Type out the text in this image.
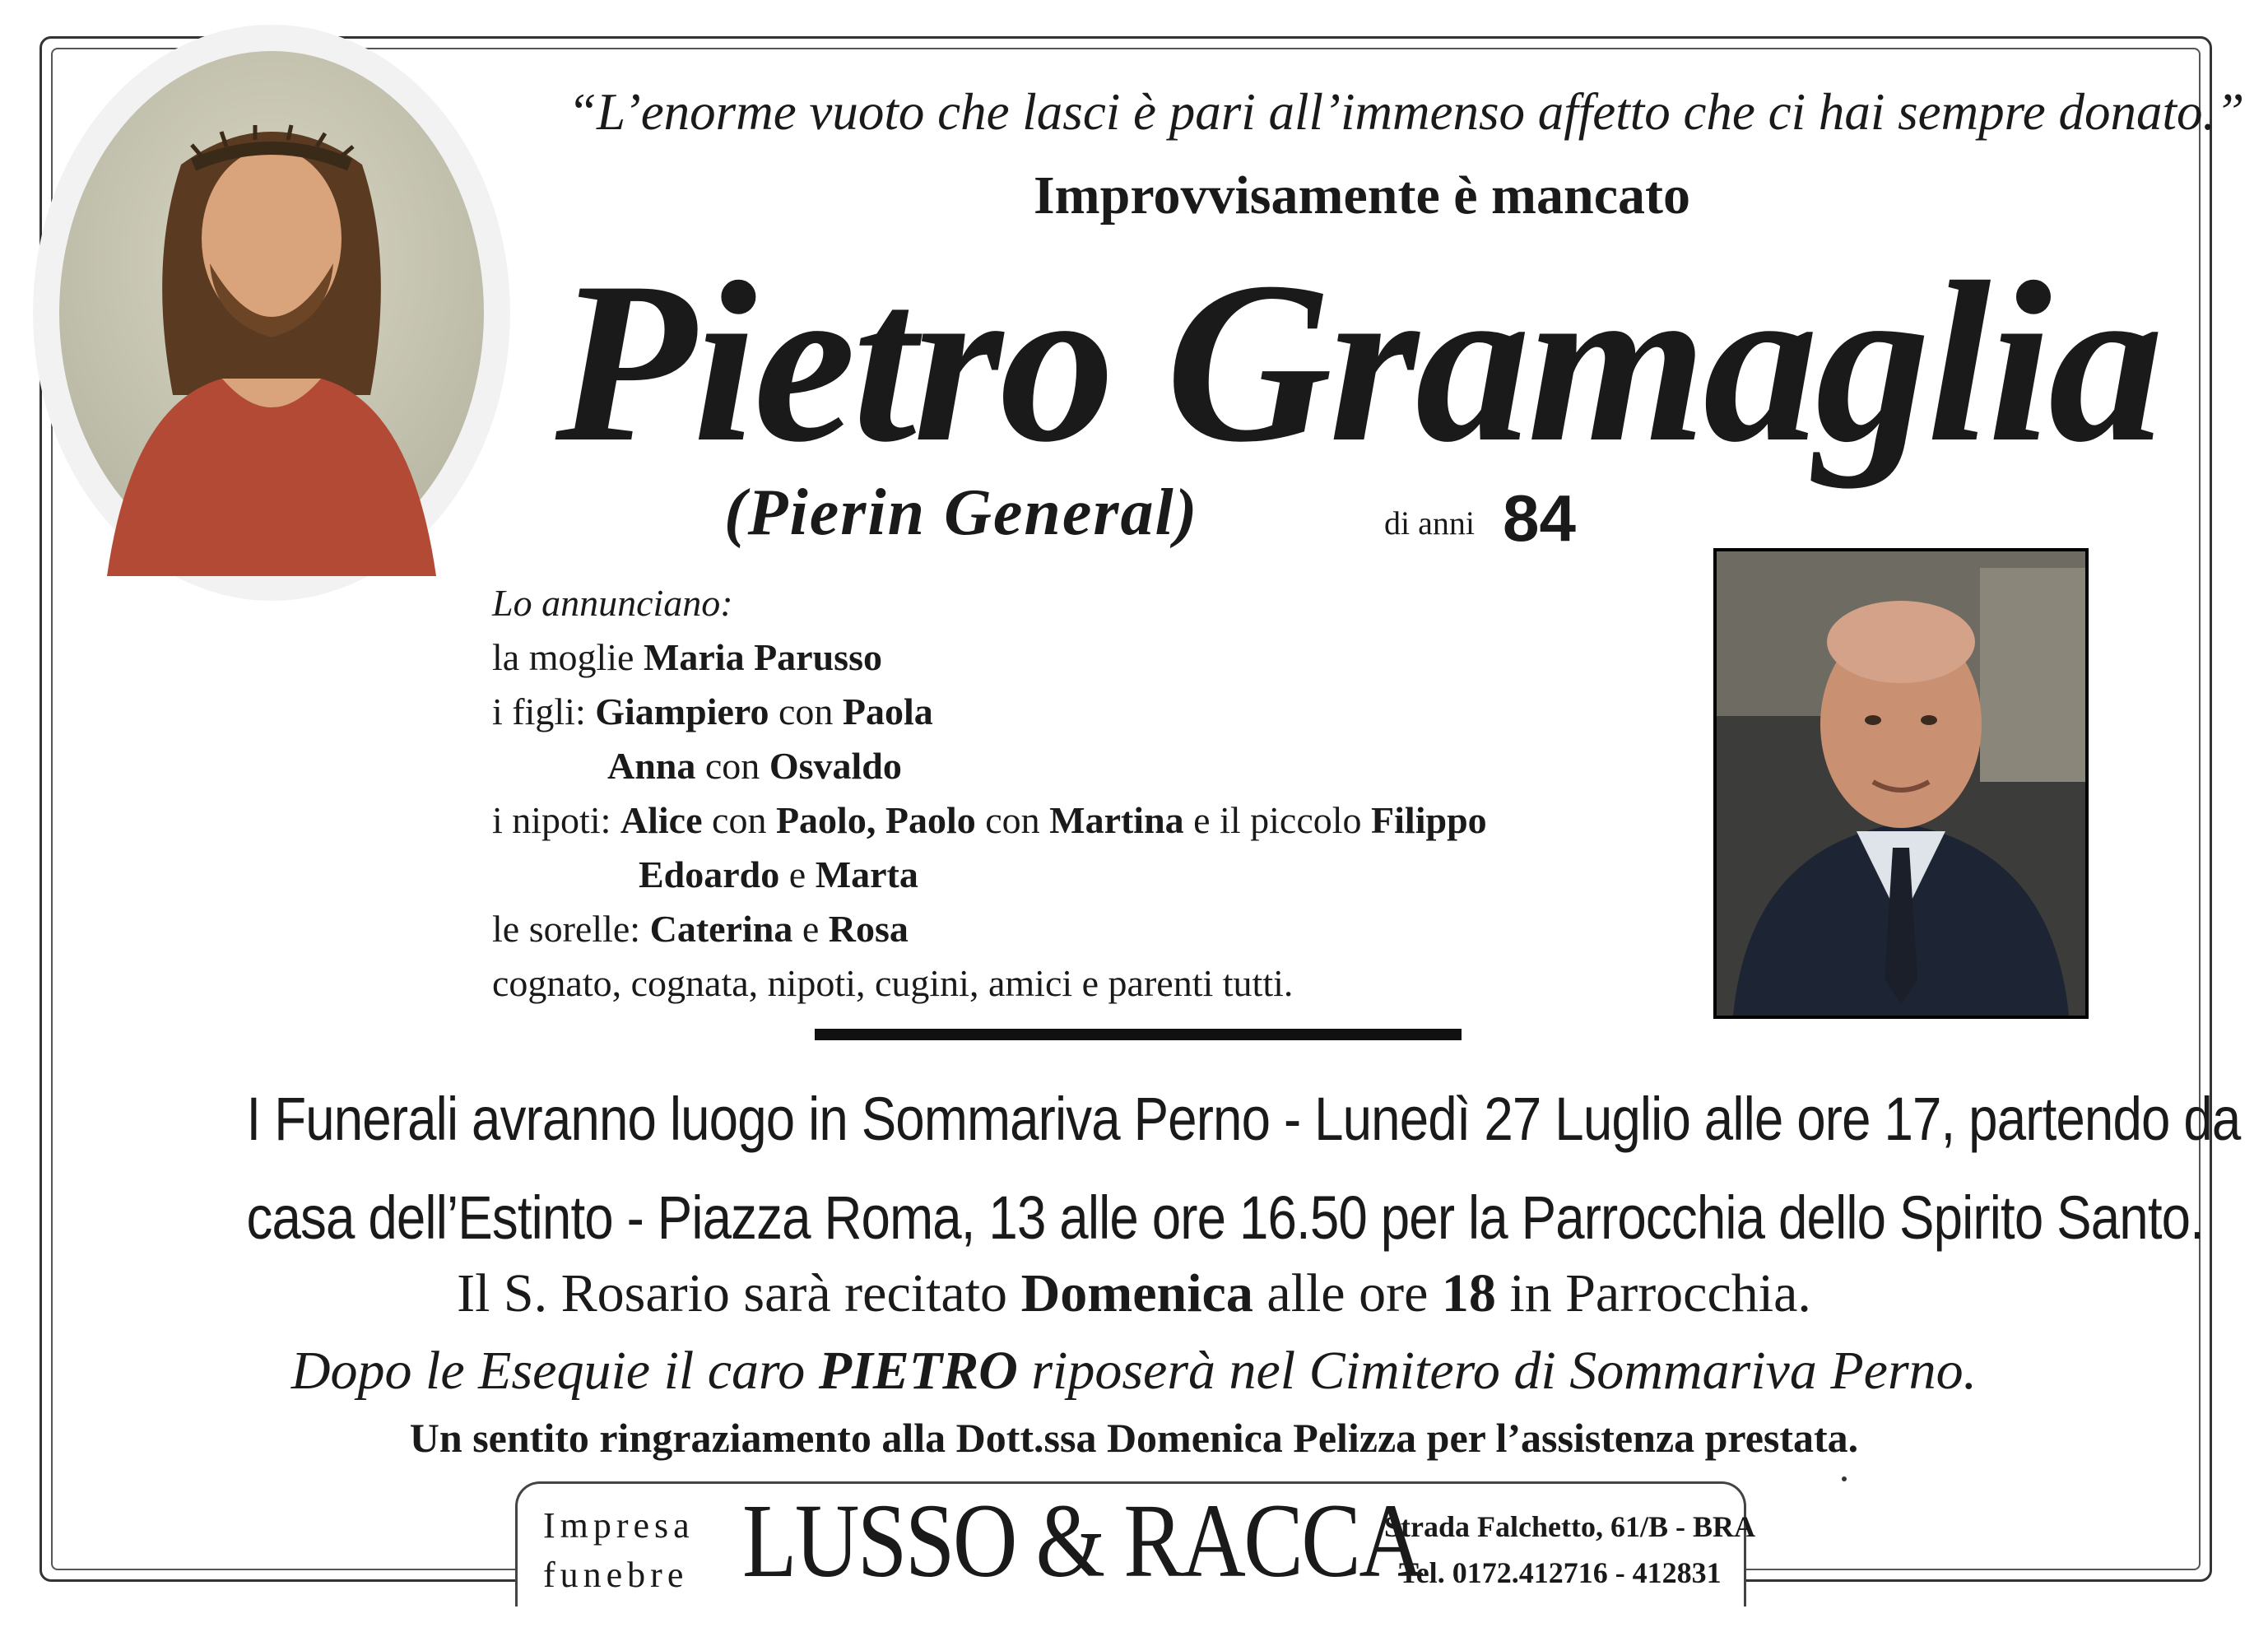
“L’enorme vuoto che lasci è pari all’immenso affetto che ci hai sempre donato.”
Improvvisamente è mancato
Pietro Gramaglia
(Pierin General)	di anni 84
Lo annunciano:
la moglie Maria Parusso
i figli: Giampiero con Paola
Anna con Osvaldo
i nipoti: Alice con Paolo, Paolo con Martina e il piccolo Filippo
Edoardo e Marta
le sorelle: Caterina e Rosa
cognato, cognata, nipoti, cugini, amici e parenti tutti.
I Funerali avranno luogo in Sommariva Perno - Lunedì 27 Luglio alle ore 17, partendo da
casa dell’Estinto - Piazza Roma, 13 alle ore 16.50 per la Parrocchia dello Spirito Santo.
Il S. Rosario sarà recitato Domenica alle ore 18 in Parrocchia.
Dopo le Esequie il caro PIETRO riposerà nel Cimitero di Sommariva Perno.
Un sentito ringraziamento alla Dott.ssa Domenica Pelizza per l’assistenza prestata.
Impresa
funebre LUSSO & RACCA
Strada Falchetto, 61/B - BRA
Tel. 0172.412716 - 412831
